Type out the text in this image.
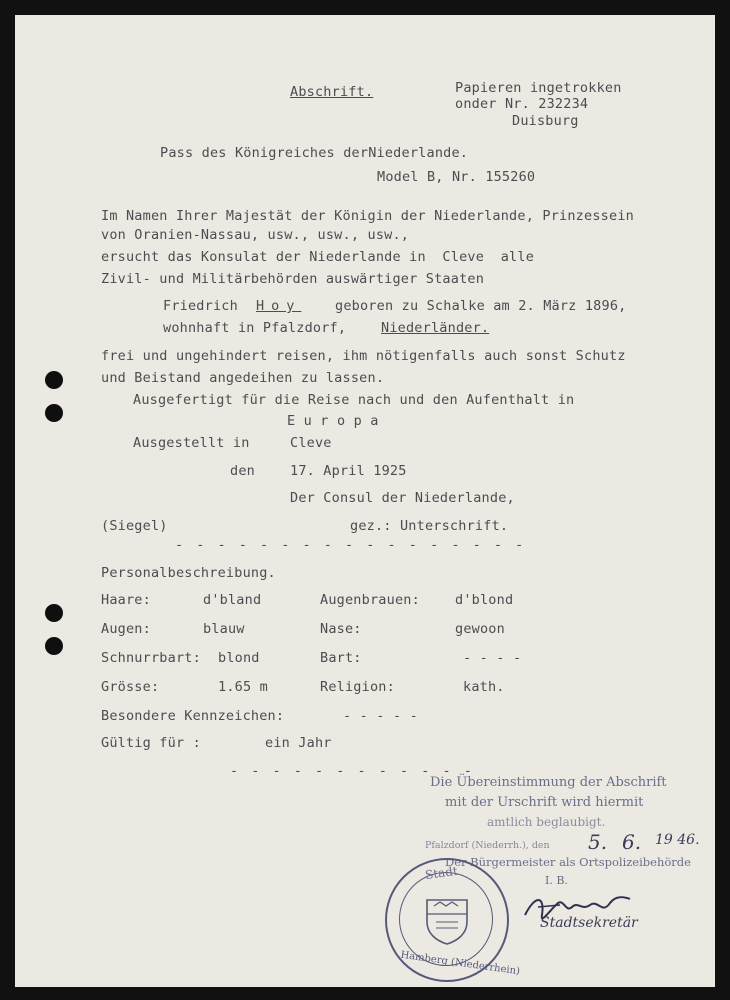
Abschrift.	Papieren ingetrokken
onder Nr. 232234
Duisburg
Pass des Königreiches derNiederlande.
Model B, Nr. 155260
Im Namen Ihrer Majestät der Königin der Niederlande, Prinzessein
von Oranien-Nassau, usw., usw., usw.,
ersucht das Konsulat der Niederlande in  Cleve  alle
Zivil- und Militärbehörden auswärtiger Staaten
Friedrich Hoy geboren zu Schalke am 2. März 1896,
wohnhaft in Pfalzdorf,	Niederländer.
frei und ungehindert reisen, ihm nötigenfalls auch sonst Schutz
und Beistand angedeihen zu lassen.
Ausgefertigt für die Reise nach und den Aufenthalt in
E u r o p a
Ausgestellt in	Cleve
den	17. April 1925
Der Consul der Niederlande,
(Siegel)	gez.: Unterschrift.
- - - - - - - - - - - - - - - - -
Personalbeschreibung.
Haare:	d'bland	Augenbrauen:	d'blond
Augen:	blauw	Nase:	gewoon
Schnurrbart: blond	Bart:	- - - -
Grösse:	1.65 m	Religion:	kath.
Besondere Kennzeichen:	- - - - -
Gültig für :	ein Jahr
- - - - - - - - - - - -
Die Übereinstimmung der Abschrift
mit der Urschrift wird hiermit
amtlich beglaubigt.
Pfalzdorf (Niederrh.), den 5. 6. 19 46.
Der Bürgermeister als Ortspolizeibehörde
I. B.
Stadt
Hamberg (Niederrhein)
Stadtsekretär
